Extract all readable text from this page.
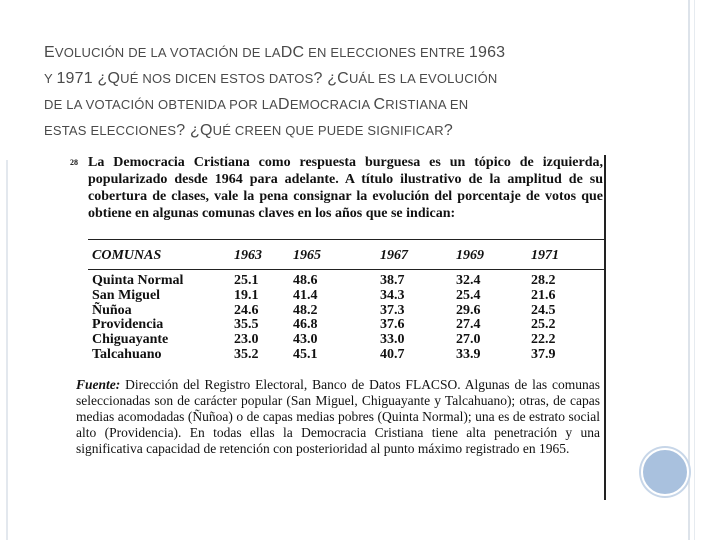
EVOLUCIÓN DE LA VOTACIÓN DE LADC EN ELECCIONES ENTRE 1963
Y 1971 ¿QUÉ NOS DICEN ESTOS DATOS? ¿CUÁL ES LA EVOLUCIÓN
DE LA VOTACIÓN OBTENIDA POR LADEMOCRACIA CRISTIANA EN
ESTAS ELECCIONES? ¿QUÉ CREEN QUE PUEDE SIGNIFICAR?
28 La Democracia Cristiana como respuesta burguesa es un tópico de izquierda, popularizado desde 1964 para adelante. A título ilustrativo de la amplitud de su cobertura de clases, vale la pena consignar la evolución del porcentaje de votos que obtiene en algunas comunas claves en los años que se indican:
COMUNAS	1963 1965	1967	1969	1971
Quinta Normal	25.1 48.6	38.7	32.4	28.2
San Miguel	19.1 41.4	34.3	25.4	21.6
Ñuñoa	24.6 48.2	37.3	29.6	24.5
Providencia	35.5 46.8	37.6	27.4	25.2
Chiguayante	23.0 43.0	33.0	27.0	22.2
Talcahuano	35.2 45.1	40.7	33.9	37.9
Fuente: Dirección del Registro Electoral, Banco de Datos FLACSO. Algunas de las comunas seleccionadas son de carácter popular (San Miguel, Chiguayante y Talcahuano); otras, de capas medias acomodadas (Ñuñoa) o de capas medias pobres (Quinta Normal); una es de estrato social alto (Providencia). En todas ellas la Democracia Cristiana tiene alta penetración y una significativa capacidad de retención con posterioridad al punto máximo registrado en 1965.
